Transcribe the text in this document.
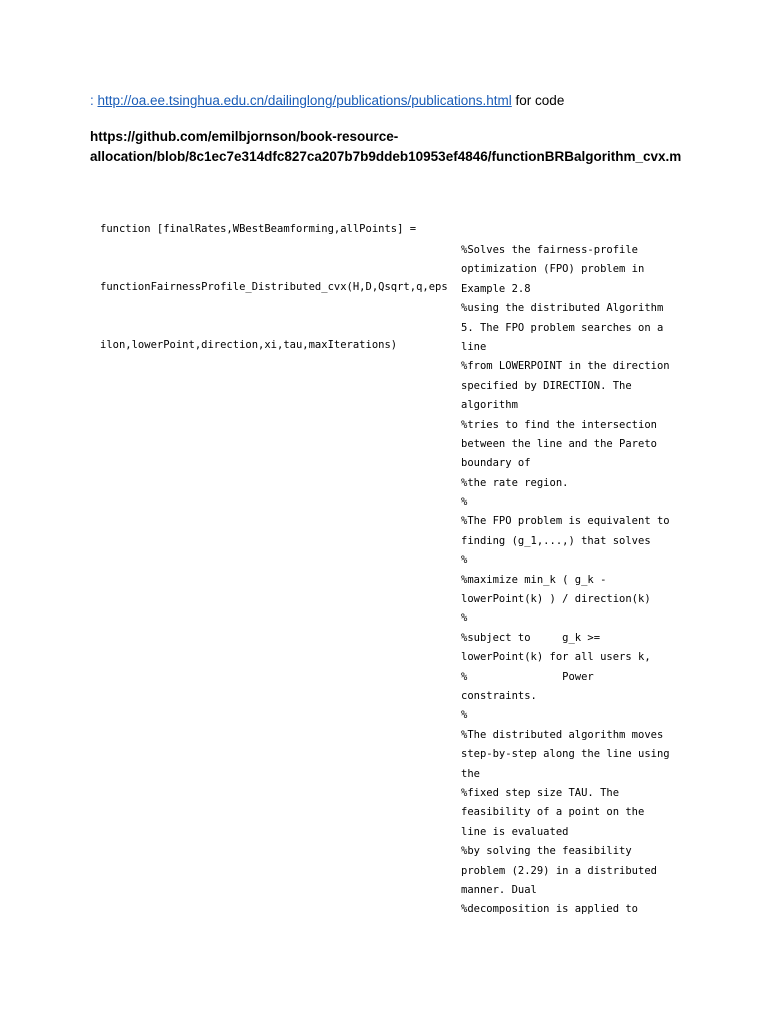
: http://oa.ee.tsinghua.edu.cn/dailinglong/publications/publications.html for code
https://github.com/emilbjornson/book-resource-
allocation/blob/8c1ec7e314dfc827ca207b7b9ddeb10953ef4846/functionBRBalgorithm_cvx.m

function [finalRates,WBestBeamforming,allPoints] =

functionFairnessProfile_Distributed_cvx(H,D,Qsqrt,q,eps

ilon,lowerPoint,direction,xi,tau,maxIterations)

%Solves the fairness-profile
optimization (FPO) problem in
Example 2.8
%using the distributed Algorithm
5. The FPO problem searches on a
line
%from LOWERPOINT in the direction
specified by DIRECTION. The
algorithm
%tries to find the intersection
between the line and the Pareto
boundary of
%the rate region.
%
%The FPO problem is equivalent to
finding (g_1,...,) that solves
%
%maximize min_k ( g_k -
lowerPoint(k) ) / direction(k)
%
%subject to     g_k >=
lowerPoint(k) for all users k,
%               Power
constraints.
%
%The distributed algorithm moves
step-by-step along the line using
the
%fixed step size TAU. The
feasibility of a point on the
line is evaluated
%by solving the feasibility
problem (2.29) in a distributed
manner. Dual
%decomposition is applied to
